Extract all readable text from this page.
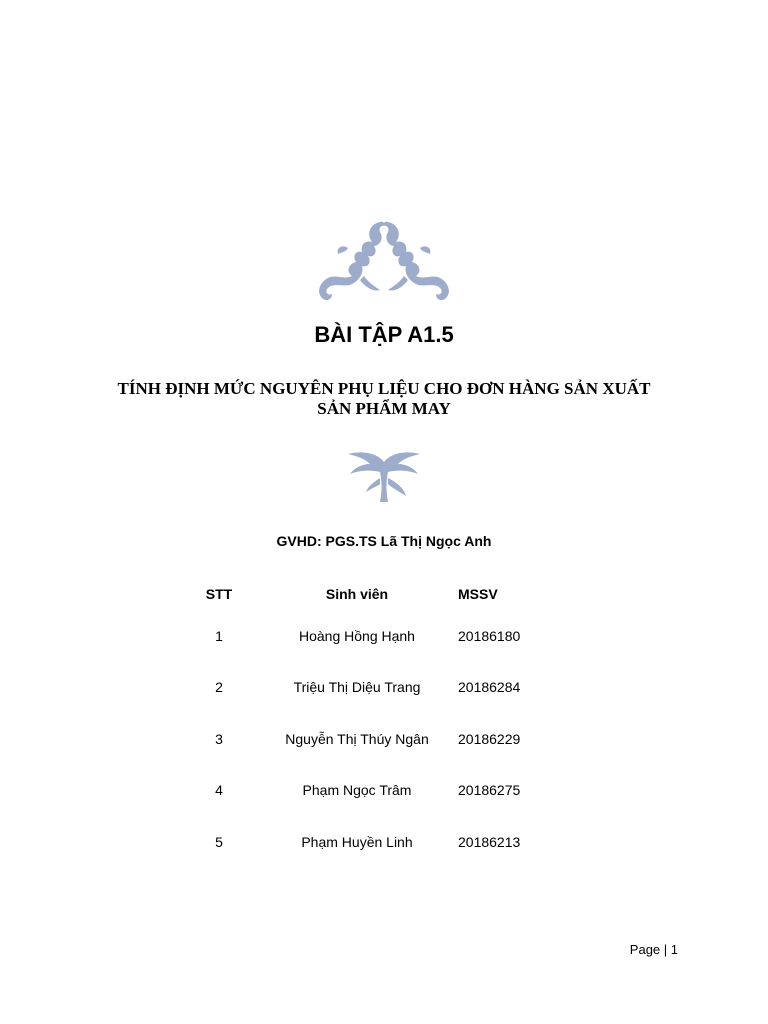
BÀI TẬP A1.5
TÍNH ĐỊNH MỨC NGUYÊN PHỤ LIỆU CHO ĐƠN HÀNG SẢN XUẤT
SẢN PHẨM MAY
GVHD: PGS.TS Lã Thị Ngọc Anh
STT	Sinh viên	MSSV
1	Hoàng Hồng Hạnh	20186180
2	Triệu Thị Diệu Trang	20186284
3	Nguyễn Thị Thúy Ngân	20186229
4	Phạm Ngọc Trâm	20186275
5	Phạm Huyền Linh	20186213
Page | 1
